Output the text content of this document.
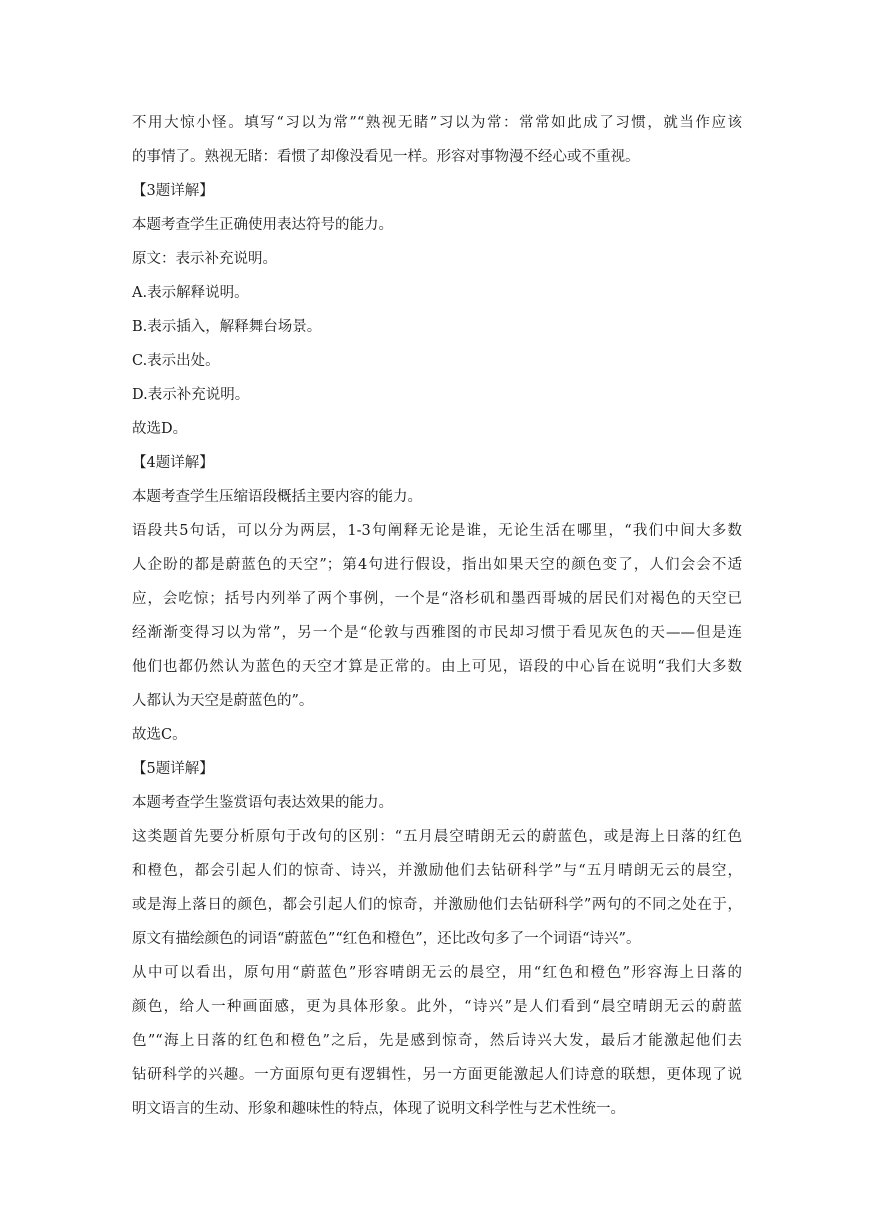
不用大惊小怪。填写“习以为常”“熟视无睹”习以为常：常常如此成了习惯，就当作应该
的事情了。熟视无睹：看惯了却像没看见一样。形容对事物漫不经心或不重视。
【3题详解】
本题考查学生正确使用表达符号的能力。
原文：表示补充说明。
A.表示解释说明。
B.表示插入，解释舞台场景。
C.表示出处。
D.表示补充说明。
故选D。
【4题详解】
本题考查学生压缩语段概括主要内容的能力。
语段共5句话，可以分为两层，1-3句阐释无论是谁，无论生活在哪里，“我们中间大多数
人企盼的都是蔚蓝色的天空”；第4句进行假设，指出如果天空的颜色变了，人们会会不适
应，会吃惊；括号内列举了两个事例，一个是“洛杉矶和墨西哥城的居民们对褐色的天空已
经渐渐变得习以为常”，另一个是“伦敦与西雅图的市民却习惯于看见灰色的天——但是连
他们也都仍然认为蓝色的天空才算是正常的。由上可见，语段的中心旨在说明“我们大多数
人都认为天空是蔚蓝色的”。
故选C。
【5题详解】
本题考查学生鉴赏语句表达效果的能力。
这类题首先要分析原句于改句的区别：“五月晨空晴朗无云的蔚蓝色，或是海上日落的红色
和橙色，都会引起人们的惊奇、诗兴，并激励他们去钻研科学”与“五月晴朗无云的晨空，
或是海上落日的颜色，都会引起人们的惊奇，并激励他们去钻研科学”两句的不同之处在于，
原文有描绘颜色的词语“蔚蓝色”“红色和橙色”，还比改句多了一个词语“诗兴”。
从中可以看出，原句用“蔚蓝色”形容晴朗无云的晨空，用“红色和橙色”形容海上日落的
颜色，给人一种画面感，更为具体形象。此外，“诗兴”是人们看到“晨空晴朗无云的蔚蓝
色”“海上日落的红色和橙色”之后，先是感到惊奇，然后诗兴大发，最后才能激起他们去
钻研科学的兴趣。一方面原句更有逻辑性，另一方面更能激起人们诗意的联想，更体现了说
明文语言的生动、形象和趣味性的特点，体现了说明文科学性与艺术性统一。
